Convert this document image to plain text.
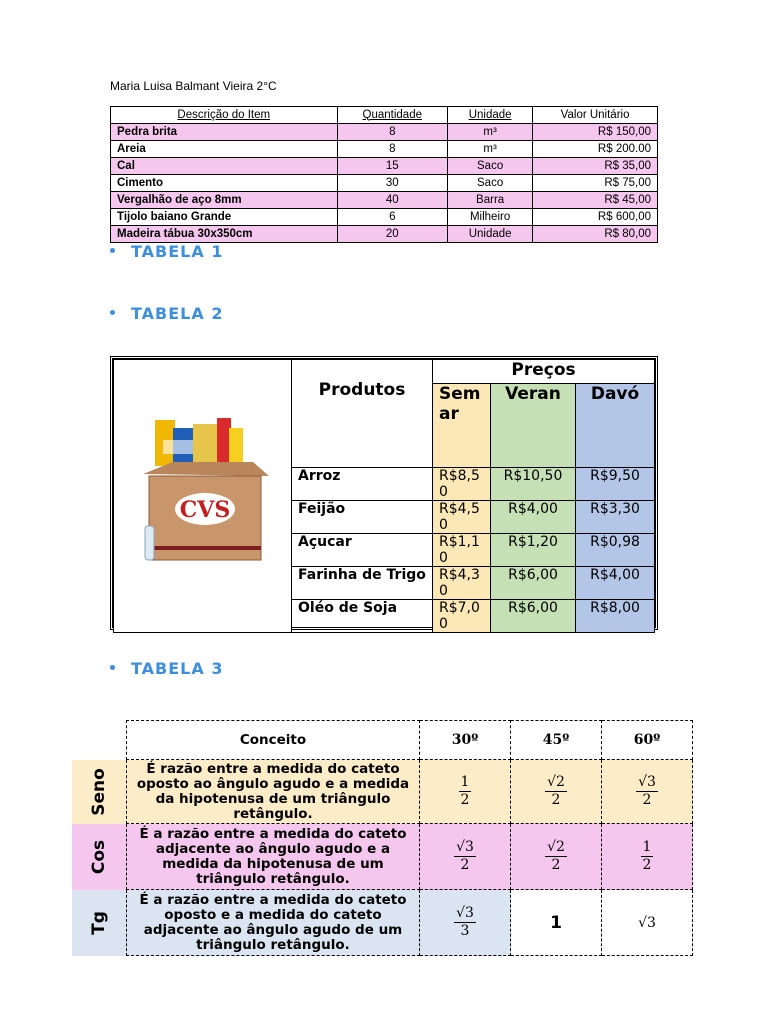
Maria Luisa Balmant Vieira 2°C
Descrição do Item	Quantidade	Unidade	Valor Unitário
Pedra brita	8	m³	R$ 150,00
Areia	8	m³	R$ 200.00
Cal	15	Saco	R$ 35,00
Cimento	30	Saco	R$ 75,00
Vergalhão de aço 8mm	40	Barra	R$ 45,00
Tijolo baiano Grande	6	Milheiro	R$ 600,00
Madeira tábua 30x350cm	20	Unidade	R$ 80,00
TABELA 1
TABELA 2
CVS	Produtos	Preços		
		Sem ar	Veran	Davó
	Arroz	R$8,50	R$10,50	R$9,50
	Feijão	R$4,50	R$4,00	R$3,30
	Açucar	R$1,10	R$1,20	R$0,98
	Farinha de Trigo	R$4,30	R$6,00	R$4,00
	Oléo de Soja	R$7,00	R$6,00	R$8,00
TABELA 3
	Conceito	30º	45º	60º
Seno	É razão entre a medida do cateto oposto ao ângulo agudo e a medida da hipotenusa de um triângulo retângulo.	$\frac{1}{2}$	$\frac{√2}{2}$	$\frac{√3}{2}$

Cos	É a razão entre a medida do cateto adjacente ao ângulo agudo e a medida da hipotenusa de um triângulo retângulo.	$\frac{√3}{2}$	$\frac{√2}{2}$	$\frac{1}{2}$

Tg	É a razão entre a medida do cateto oposto e a medida do cateto adjacente ao ângulo agudo de um triângulo retângulo.	$\frac{√3}{3}$	1	√3
